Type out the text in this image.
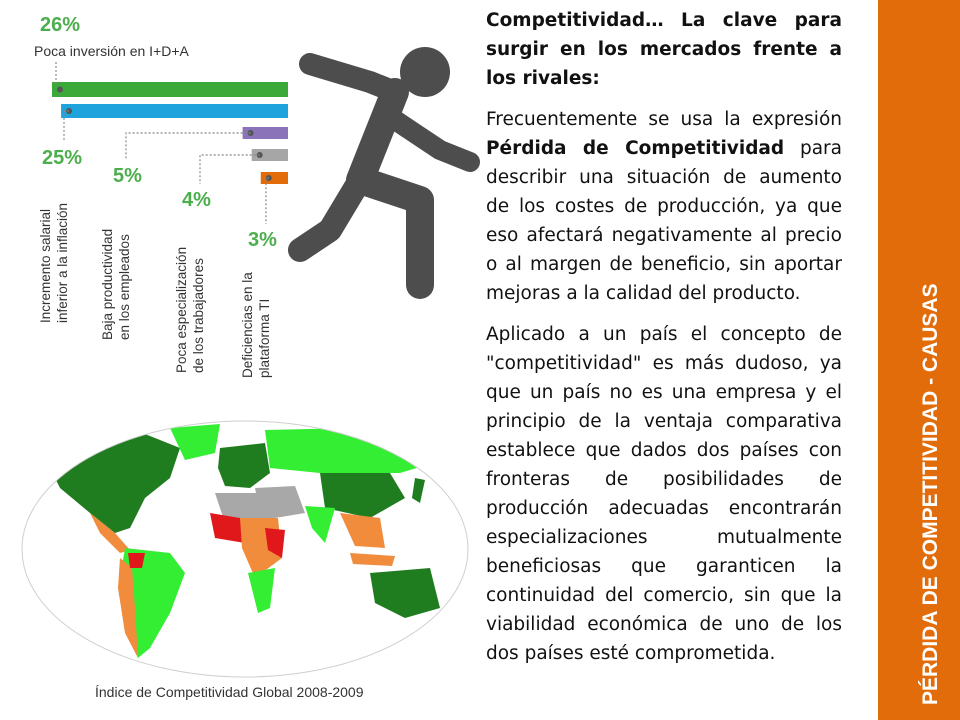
26%
Poca inversión en I+D+A
25%
Incremento salarial inferior a la inflación
5%
Baja productividad en los empleados
4%
Poca especialización de los trabajadores
3%
Deficiencias en la plataforma TI

Competitividad… La clave para surgir en los mercados frente a los rivales:

Frecuentemente se usa la expresión Pérdida de Competitividad para describir una situación de aumento de los costes de producción, ya que eso afectará negativamente al precio o al margen de beneficio, sin aportar mejoras a la calidad del producto.

Aplicado a un país el concepto de "competitividad" es más dudoso, ya que un país no es una empresa y el principio de la ventaja comparativa establece que dados dos países con fronteras de posibilidades de producción adecuadas encontrarán especializaciones mutualmente beneficiosas que garanticen la continuidad del comercio, sin que la viabilidad económica de uno de los dos países esté comprometida.	PÉRDIDA DE COMPETITIVIDAD - CAUSAS
Índice de Competitividad Global 2008-2009
